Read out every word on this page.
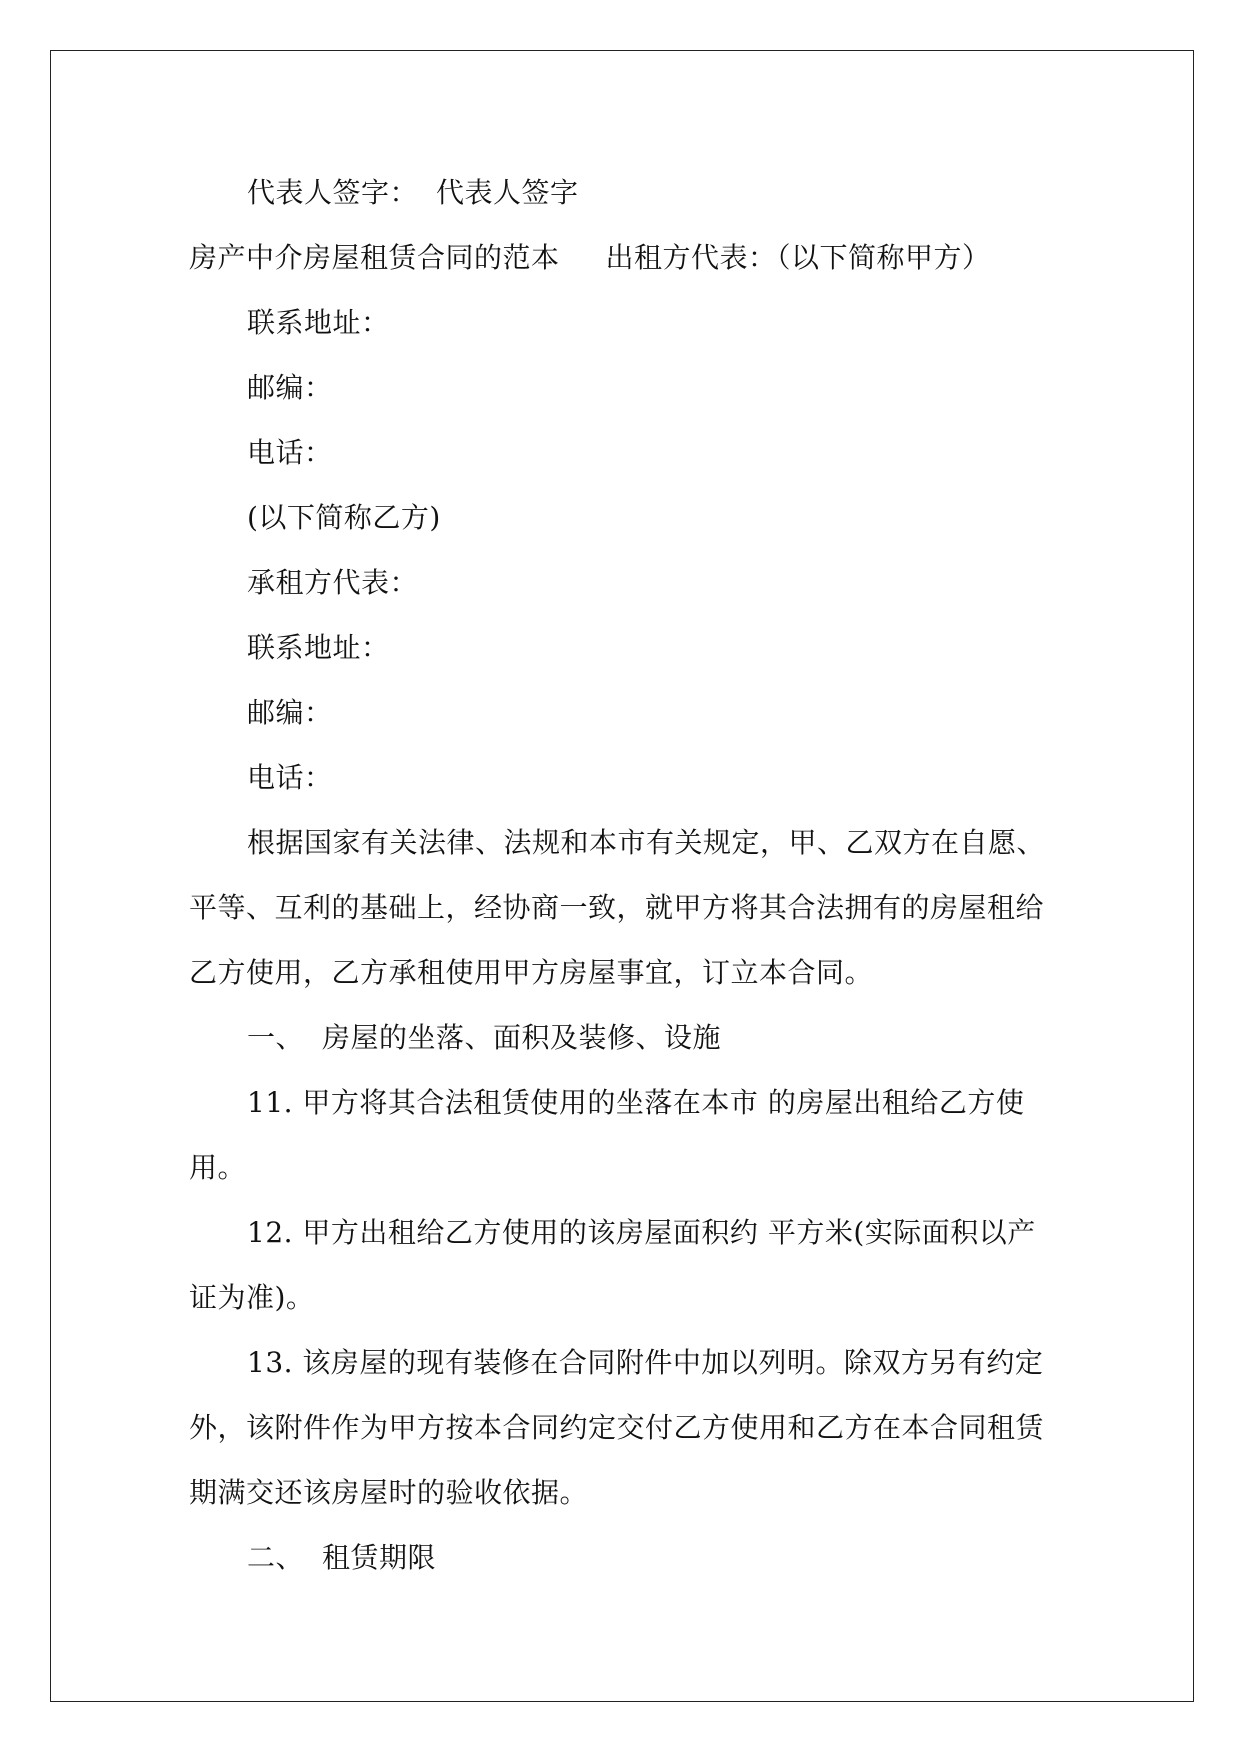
代表人签字： 代表人签字
房产中介房屋租赁合同的范本 出租方代表：（以下简称甲方）
联系地址：
邮编：
电话：
(以下简称乙方)
承租方代表：
联系地址：
邮编：
电话：
根据国家有关法律、法规和本市有关规定，甲、乙双方在自愿、
平等、互利的基础上，经协商一致，就甲方将其合法拥有的房屋租给
乙方使用，乙方承租使用甲方房屋事宜，订立本合同。
一、 房屋的坐落、面积及装修、设施
11. 甲方将其合法租赁使用的坐落在本市 的房屋出租给乙方使
用。
12. 甲方出租给乙方使用的该房屋面积约 平方米(实际面积以产
证为准)。
13. 该房屋的现有装修在合同附件中加以列明。除双方另有约定
外，该附件作为甲方按本合同约定交付乙方使用和乙方在本合同租赁
期满交还该房屋时的验收依据。
二、 租赁期限
